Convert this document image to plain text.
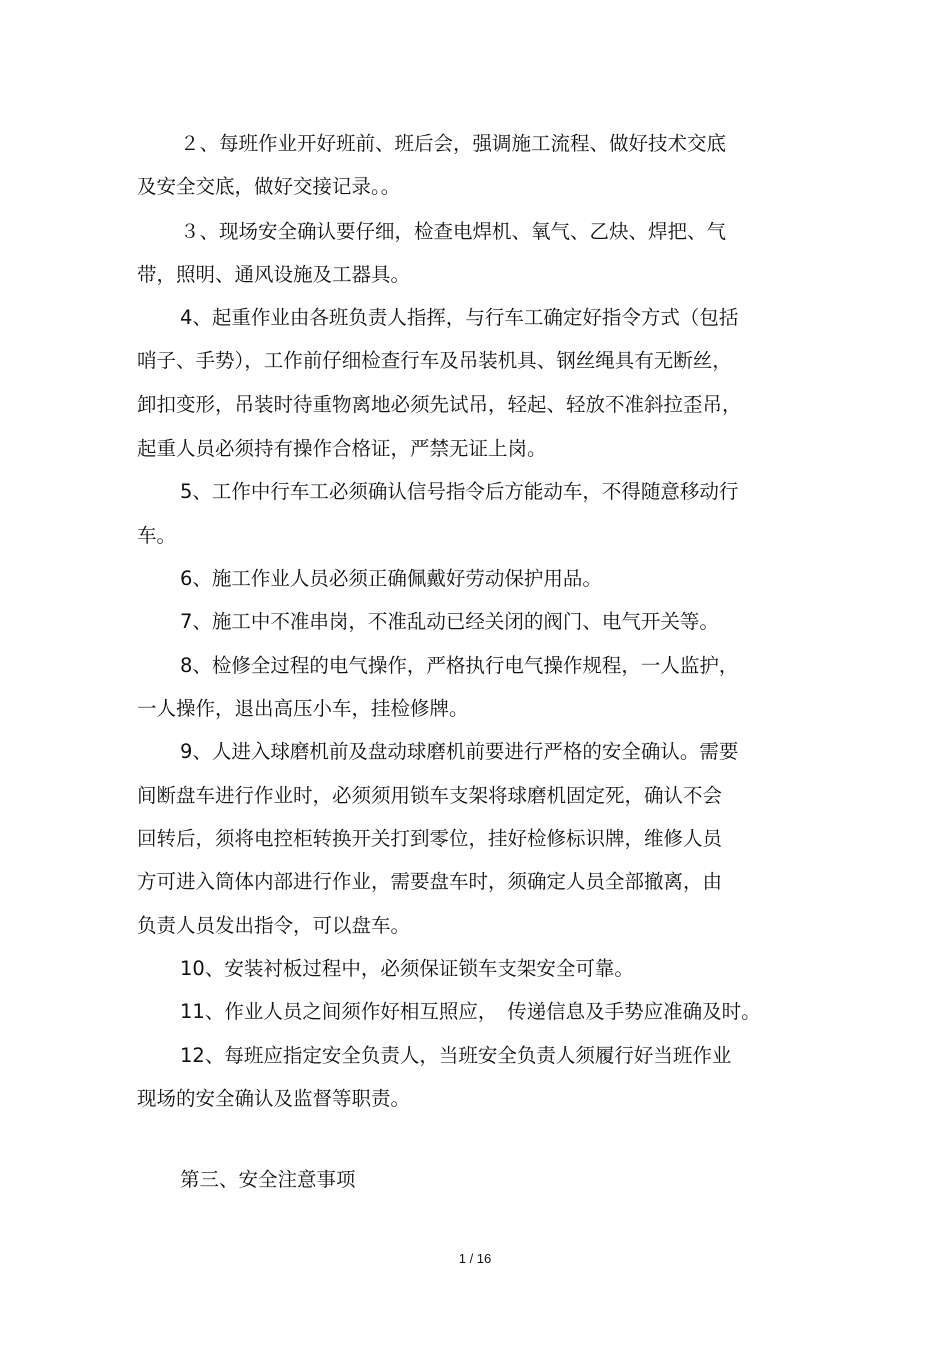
２、每班作业开好班前、班后会，强调施工流程、做好技术交底
及安全交底，做好交接记录。。
３、现场安全确认要仔细，检查电焊机、氧气、乙炔、焊把、气
带，照明、通风设施及工器具。
4、起重作业由各班负责人指挥，与行车工确定好指令方式（包括
哨子、手势），工作前仔细检查行车及吊装机具、钢丝绳具有无断丝，
卸扣变形，吊装时待重物离地必须先试吊，轻起、轻放不准斜拉歪吊，
起重人员必须持有操作合格证，严禁无证上岗。
5、工作中行车工必须确认信号指令后方能动车，不得随意移动行
车。
6、施工作业人员必须正确佩戴好劳动保护用品。
7、施工中不准串岗，不准乱动已经关闭的阀门、电气开关等。
8、检修全过程的电气操作，严格执行电气操作规程，一人监护，
一人操作，退出高压小车，挂检修牌。
9、人进入球磨机前及盘动球磨机前要进行严格的安全确认。需要
间断盘车进行作业时，必须须用锁车支架将球磨机固定死，确认不会
回转后，须将电控柜转换开关打到零位，挂好检修标识牌，维修人员
方可进入筒体内部进行作业，需要盘车时，须确定人员全部撤离，由
负责人员发出指令，可以盘车。
10、安装衬板过程中，必须保证锁车支架安全可靠。
11、作业人员之间须作好相互照应，　传递信息及手势应准确及时。
12、每班应指定安全负责人，当班安全负责人须履行好当班作业
现场的安全确认及监督等职责。
第三、安全注意事项
1 / 16
